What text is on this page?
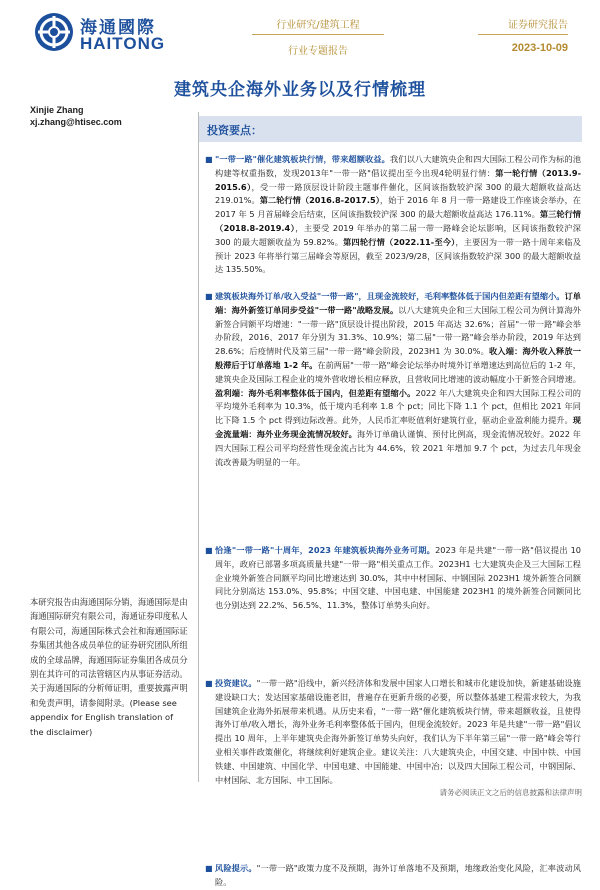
海通國際
HAITONG
行业研究/建筑工程
行业专题报告
证券研究报告
2023-10-09
建筑央企海外业务以及行情梳理
Xinjie Zhang
xj.zhang@htisec.com
投资要点：
■ "一带一路"催化建筑板块行情，带来超额收益。我们以八大建筑央企和四大国际工程公司作为标的池构建等权重指数，发现2013年"一带一路"倡议提出至今出现4轮明显行情：第一轮行情（2013.9-2015.6），受一带一路顶层设计阶段主题事件催化，区间该指数较沪深 300 的最大超额收益高达 219.01%。第二轮行情（2016.8-2017.5），始于 2016 年 8 月一带一路建设工作座谈会举办，在 2017 年 5 月首届峰会后结束，区间该指数较沪深 300 的最大超额收益高达 176.11%。第三轮行情（2018.8-2019.4），主要受 2019 年举办的第二届一带一路峰会论坛影响，区间该指数较沪深 300 的最大超额收益为 59.82%。第四轮行情（2022.11-至今），主要因为一带一路十周年来临及预计 2023 年将举行第三届峰会等原因，截至 2023/9/28，区间该指数较沪深 300 的最大超额收益达 135.50%。
■ 建筑板块海外订单/收入受益"一带一路"，且现金流较好，毛利率整体低于国内但差距有望缩小。订单端：海外新签订单同步受益"一带一路"战略发展。以八大建筑央企和三大国际工程公司为例计算海外新签合同额平均增速："一带一路"顶层设计提出阶段，2015 年高达 32.6%；首届"一带一路"峰会举办阶段，2016、2017 年分别为 31.3%、10.9%；第二届"一带一路"峰会举办阶段，2019 年达到 28.6%；后疫情时代及第三届"一带一路"峰会阶段，2023H1 为 30.0%。收入端：海外收入释放一般滞后于订单落地 1-2 年。在前两届"一带一路"峰会论坛举办时境外订单增速达到高位后的 1-2 年，建筑央企及国际工程企业的境外营收增长相应释放，且营收同比增速的波动幅度小于新签合同增速。盈利端：海外毛利率整体低于国内，但差距有望缩小。2022 年八大建筑央企和四大国际工程公司的平均境外毛利率为 10.3%，低于境内毛利率 1.8 个 pct；同比下降 1.1 个 pct，但相比 2021 年同比下降 1.5 个 pct 得到边际改善。此外，人民币汇率贬值利好建筑行业，驱动企业盈利能力提升。现金流量端：海外业务现金流情况较好。海外订单确认谨慎、预付比例高，现金流情况较好。2022 年四大国际工程公司平均经营性现金流占比为 44.6%，较 2021 年增加 9.7 个 pct，为过去几年现金流改善最为明显的一年。
■ 恰逢"一带一路"十周年，2023 年建筑板块海外业务可期。2023 年是共建"一带一路"倡议提出 10 周年，政府已部署多项高质量共建"一带一路"相关重点工作。2023H1 七大建筑央企及三大国际工程企业境外新签合同额平均同比增速达到 30.0%，其中中材国际、中钢国际 2023H1 境外新签合同额同比分别高达 153.0%、95.8%；中国交建、中国电建、中国能建 2023H1 的境外新签合同额同比也分别达到 22.2%、56.5%、11.3%，整体订单势头向好。
■ 投资建议。"一带一路"沿线中，新兴经济体和发展中国家人口增长和城市化建设加快，新建基础设施建设缺口大；发达国家基础设施老旧，普遍存在更新升级的必要，所以整体基建工程需求较大，为我国建筑企业海外拓展带来机遇。从历史来看，"一带一路"催化建筑板块行情，带来超额收益，且使得海外订单/收入增长，海外业务毛利率整体低于国内，但现金流较好。2023 年是共建"一带一路"倡议提出 10 周年，上半年建筑央企海外新签订单势头向好，我们认为下半年第三届"一带一路"峰会等行业相关事件政策催化，将继续利好建筑企业。建议关注：八大建筑央企，中国交建、中国中铁、中国铁建、中国建筑、中国化学、中国电建、中国能建、中国中冶；以及四大国际工程公司，中钢国际、中材国际、北方国际、中工国际。
■ 风险提示。"一带一路"政策力度不及预期，海外订单落地不及预期，地缘政治变化风险，汇率波动风险。
本研究报告由海通国际分销，海通国际是由海通国际研究有限公司，海通证券印度私人有限公司，海通国际株式会社和海通国际证券集团其他各成员单位的证券研究团队所组成的全球品牌，海通国际证券集团各成员分别在其许可的司法管辖区内从事证券活动。关于海通国际的分析师证明，重要披露声明和免责声明，请参阅附录。(Please see appendix for English translation of the disclaimer)
请务必阅读正文之后的信息披露和法律声明
